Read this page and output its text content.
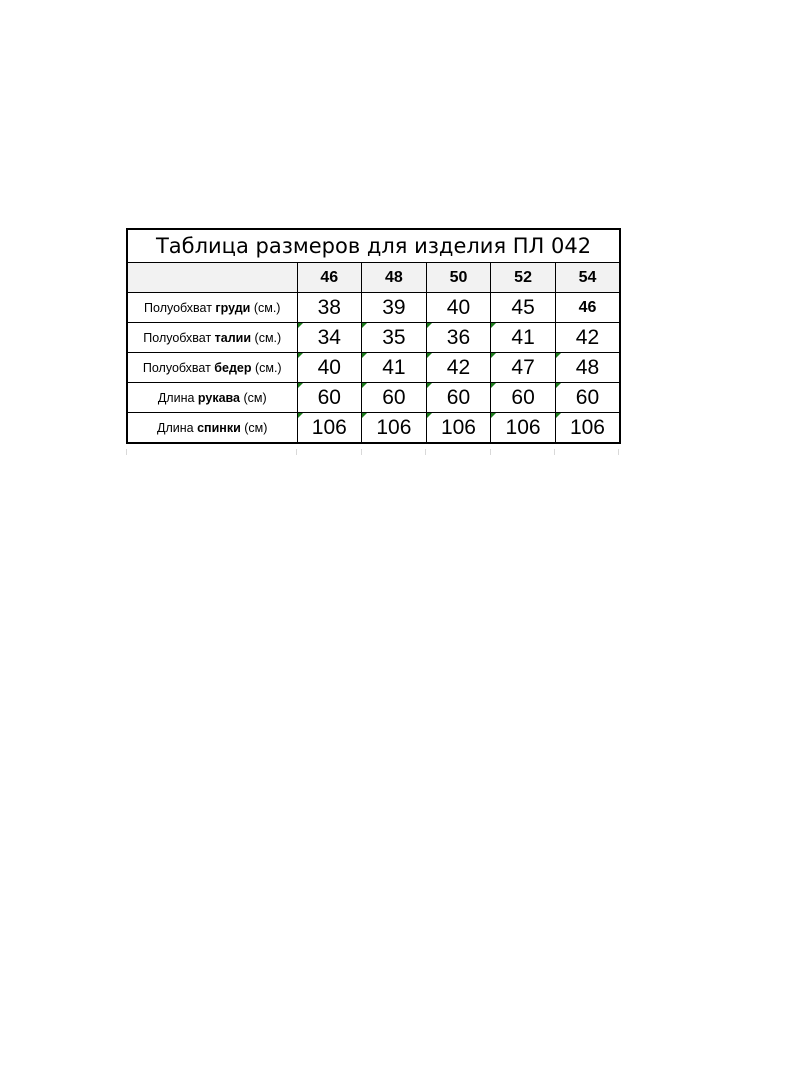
Таблица размеров для изделия ПЛ 042					
	46	48	50	52	54
Полуобхват груди (см.)	38	39	40	45	46
Полуобхват талии (см.)	34	35	36	41	42
Полуобхват бедер (см.)	40	41	42	47	48
Длина рукава (см)	60	60	60	60	60
Длина спинки (см)	106	106	106	106	106
